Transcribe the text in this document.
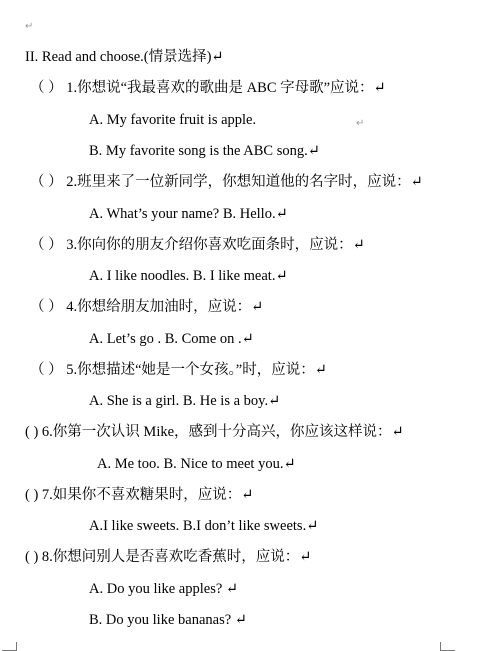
↵
II. Read and choose.(情景选择)↵
（ ） 1.你想说“我最喜欢的歌曲是 ABC 字母歌”应说：↵
A. My favorite fruit is apple.	↵
B. My favorite song is the ABC song.↵
（ ） 2.班里来了一位新同学，你想知道他的名字时，应说：↵
A. What’s your name? B. Hello.↵
（ ） 3.你向你的朋友介绍你喜欢吃面条时，应说：↵
A. I like noodles. B. I like meat.↵
（ ） 4.你想给朋友加油时，应说：↵
A. Let’s go . B. Come on .↵
（ ） 5.你想描述“她是一个女孩。”时，应说：↵
A. She is a girl. B. He is a boy.↵
( ) 6.你第一次认识 Mike，感到十分高兴，你应该这样说：↵
A. Me too. B. Nice to meet you.↵
( ) 7.如果你不喜欢糖果时，应说：↵
A.I like sweets. B.I don’t like sweets.↵
( ) 8.你想问别人是否喜欢吃香蕉时，应说：↵
A. Do you like apples? ↵
B. Do you like bananas? ↵
